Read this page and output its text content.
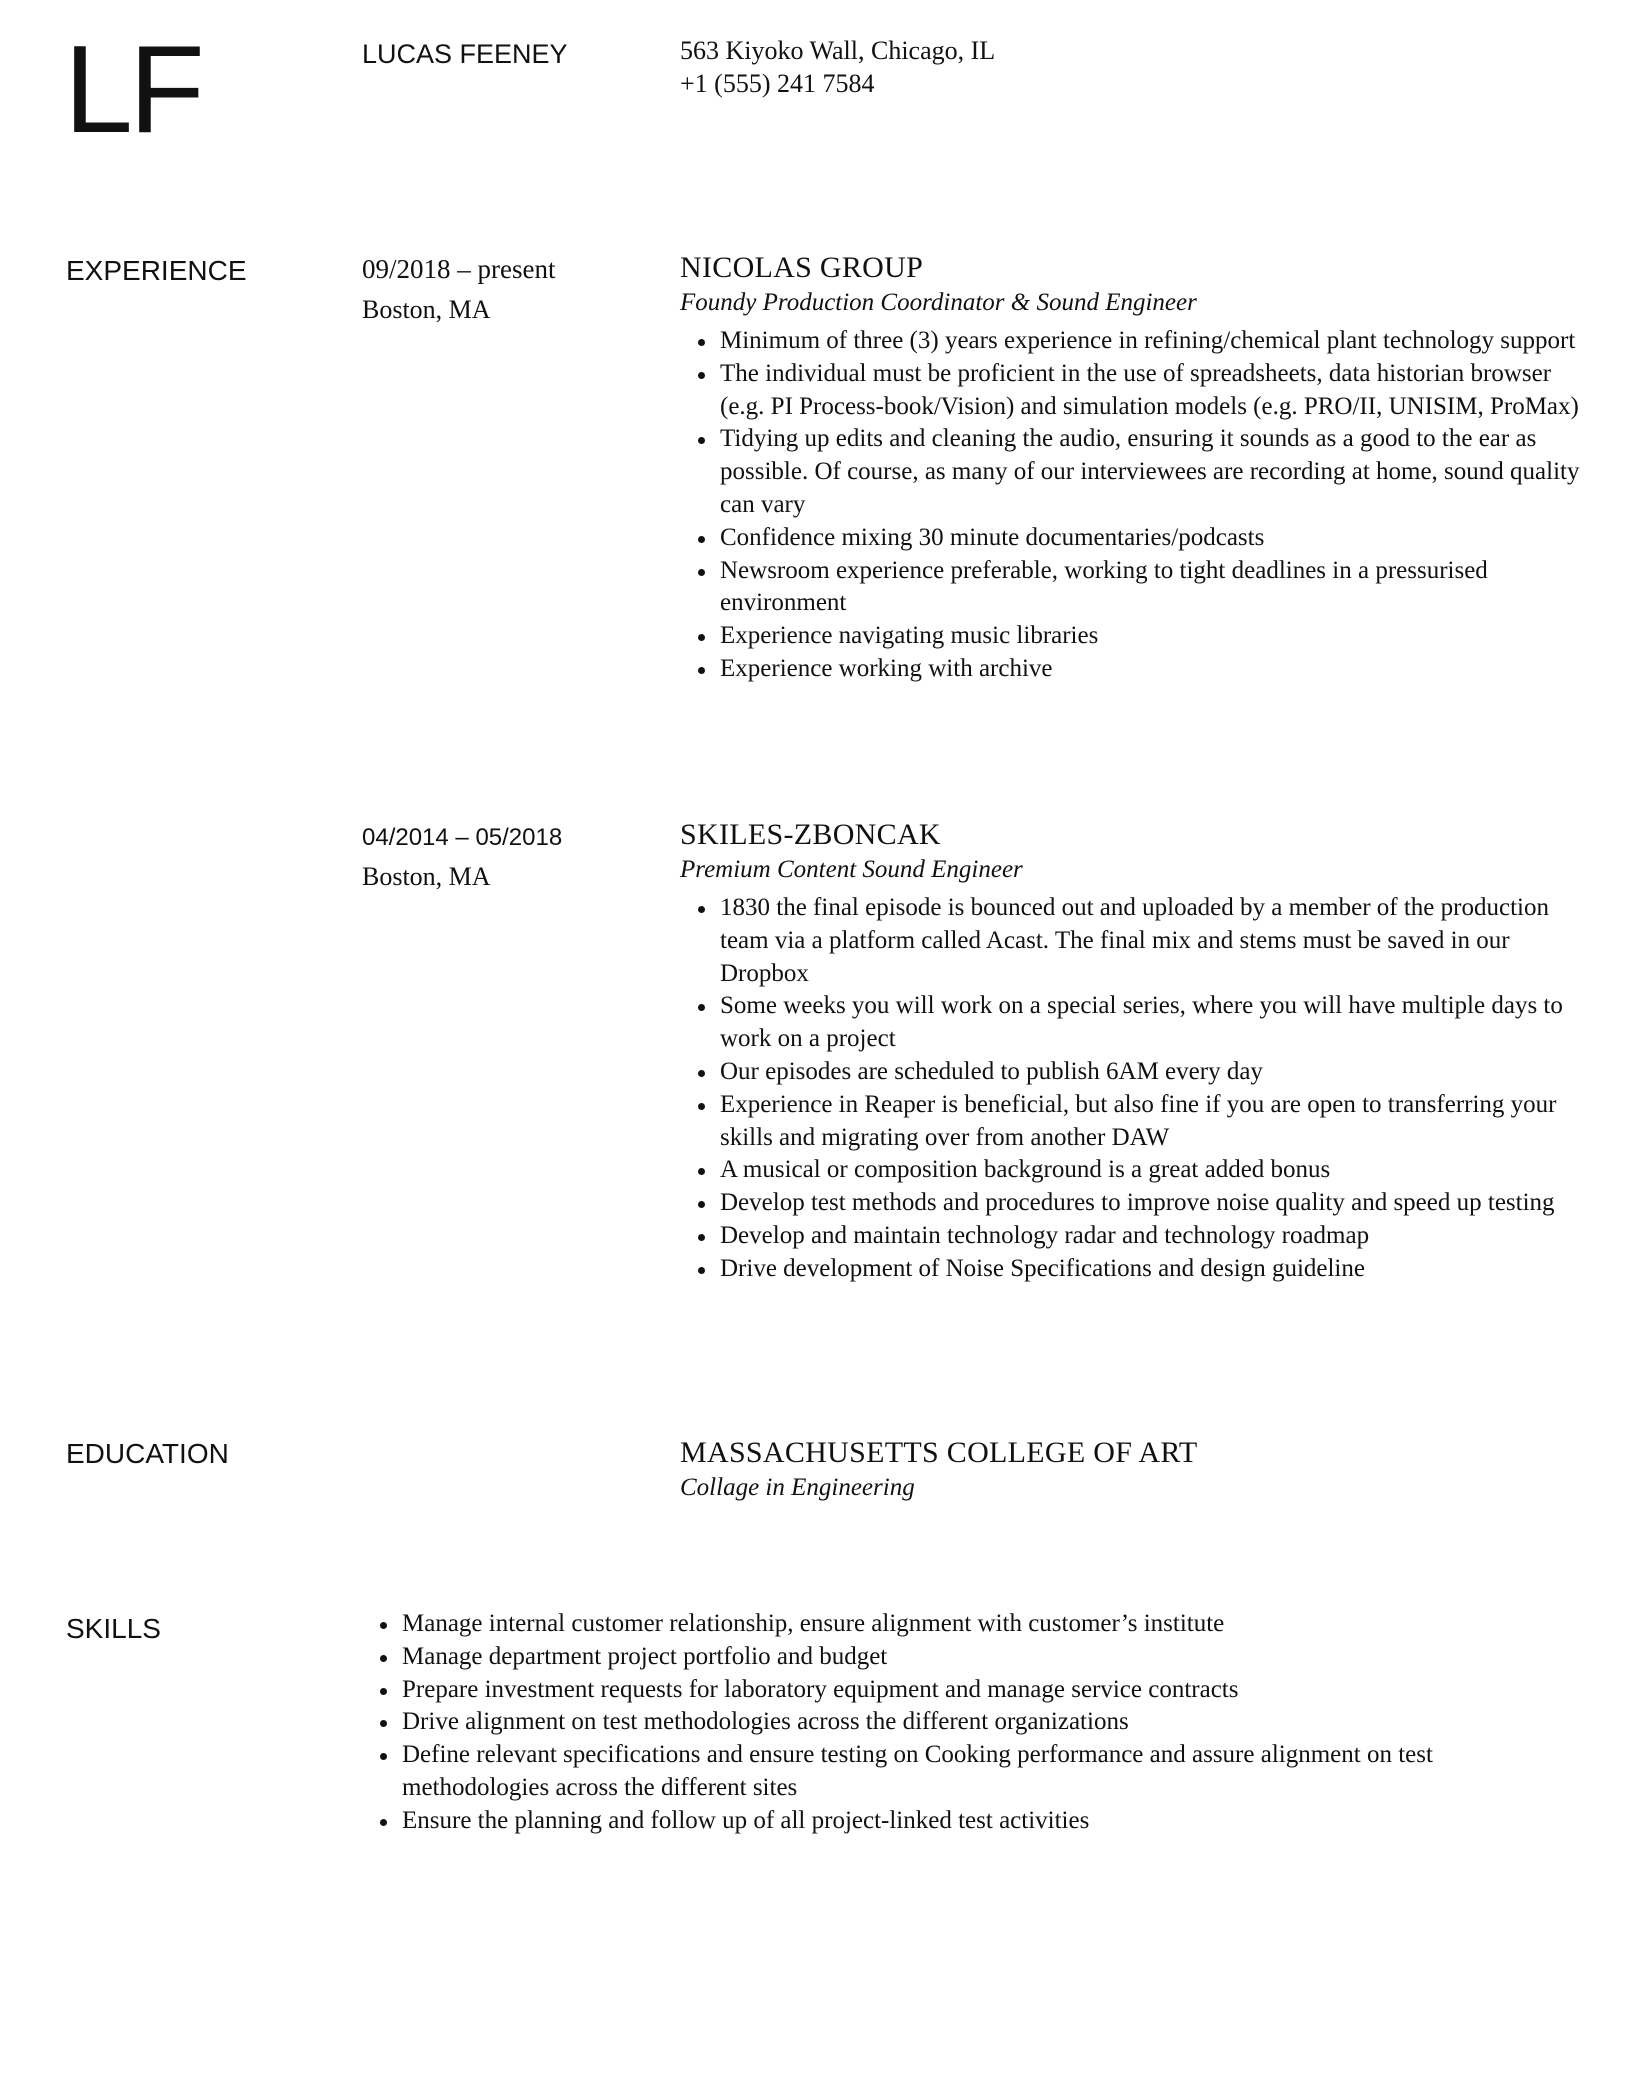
LF	LUCAS FEENEY	563 Kiyoko Wall, Chicago, IL
+1 (555) 241 7584
EXPERIENCE	09/2018 – present
Boston, MA
NICOLAS GROUP
Foundy Production Coordinator & Sound Engineer
Minimum of three (3) years experience in refining/chemical plant technology support
The individual must be proficient in the use of spreadsheets, data historian browser (e.g. PI Process-book/Vision) and simulation models (e.g. PRO/II, UNISIM, ProMax)
Tidying up edits and cleaning the audio, ensuring it sounds as a good to the ear as possible. Of course, as many of our interviewees are recording at home, sound quality can vary
Confidence mixing 30 minute documentaries/podcasts
Newsroom experience preferable, working to tight deadlines in a pressurised environment
Experience navigating music libraries
Experience working with archive
04/2014 – 05/2018
Boston, MA
SKILES-ZBONCAK
Premium Content Sound Engineer
1830 the final episode is bounced out and uploaded by a member of the production team via a platform called Acast. The final mix and stems must be saved in our Dropbox
Some weeks you will work on a special series, where you will have multiple days to work on a project
Our episodes are scheduled to publish 6AM every day
Experience in Reaper is beneficial, but also fine if you are open to transferring your skills and migrating over from another DAW
A musical or composition background is a great added bonus
Develop test methods and procedures to improve noise quality and speed up testing
Develop and maintain technology radar and technology roadmap
Drive development of Noise Specifications and design guideline
EDUCATION	MASSACHUSETTS COLLEGE OF ART
Collage in Engineering
SKILLS	Manage internal customer relationship, ensure alignment with customer’s institute
Manage department project portfolio and budget
Prepare investment requests for laboratory equipment and manage service contracts
Drive alignment on test methodologies across the different organizations
Define relevant specifications and ensure testing on Cooking performance and assure alignment on test methodologies across the different sites
Ensure the planning and follow up of all project-linked test activities
